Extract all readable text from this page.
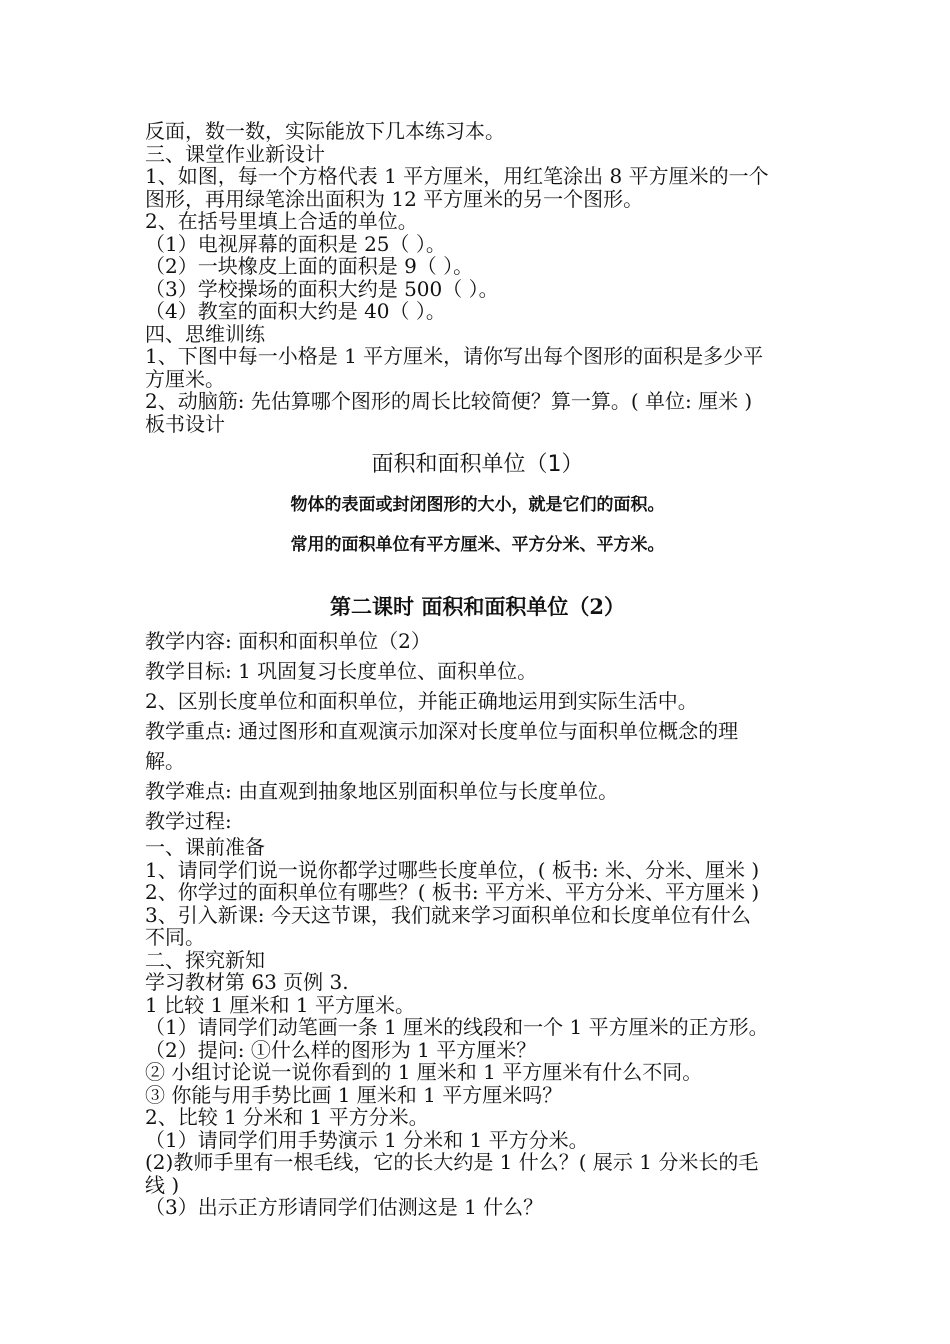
反面，数一数，实际能放下几本练习本。
三、课堂作业新设计
1、如图，每一个方格代表 1 平方厘米，用红笔涂出 8 平方厘米的一个
图形，再用绿笔涂出面积为 12 平方厘米的另一个图形。
2、在括号里填上合适的单位。
（1）电视屏幕的面积是 25（ ）。
（2）一块橡皮上面的面积是 9（ ）。
（3）学校操场的面积大约是 500（ ）。
（4）教室的面积大约是 40（ ）。
四、思维训练
1、下图中每一小格是 1 平方厘米，请你写出每个图形的面积是多少平
方厘米。
2、动脑筋: 先估算哪个图形的周长比较简便？算一算。( 单位: 厘米 )
板书设计
面积和面积单位（1）
物体的表面或封闭图形的大小，就是它们的面积。
常用的面积单位有平方厘米、平方分米、平方米。
第二课时 面积和面积单位（2）
教学内容: 面积和面积单位（2）
教学目标: 1 巩固复习长度单位、面积单位。
2、区别长度单位和面积单位，并能正确地运用到实际生活中。
教学重点: 通过图形和直观演示加深对长度单位与面积单位概念的理
解。
教学难点: 由直观到抽象地区别面积单位与长度单位。
教学过程:
一、课前准备
1、请同学们说一说你都学过哪些长度单位，( 板书: 米、分米、厘米 )
2、你学过的面积单位有哪些？( 板书: 平方米、平方分米、平方厘米 )
3、引入新课: 今天这节课，我们就来学习面积单位和长度单位有什么
不同。
二、探究新知
学习教材第 63 页例 3.
1 比较 1 厘米和 1 平方厘米。
（1）请同学们动笔画一条 1 厘米的线段和一个 1 平方厘米的正方形。
（2）提问: ①什么样的图形为 1 平方厘米？
② 小组讨论说一说你看到的 1 厘米和 1 平方厘米有什么不同。
③ 你能与用手势比画 1 厘米和 1 平方厘米吗？
2、比较 1 分米和 1 平方分米。
（1）请同学们用手势演示 1 分米和 1 平方分米。
(2)教师手里有一根毛线，它的长大约是 1 什么？( 展示 1 分米长的毛
线 )
（3）出示正方形请同学们估测这是 1 什么？
